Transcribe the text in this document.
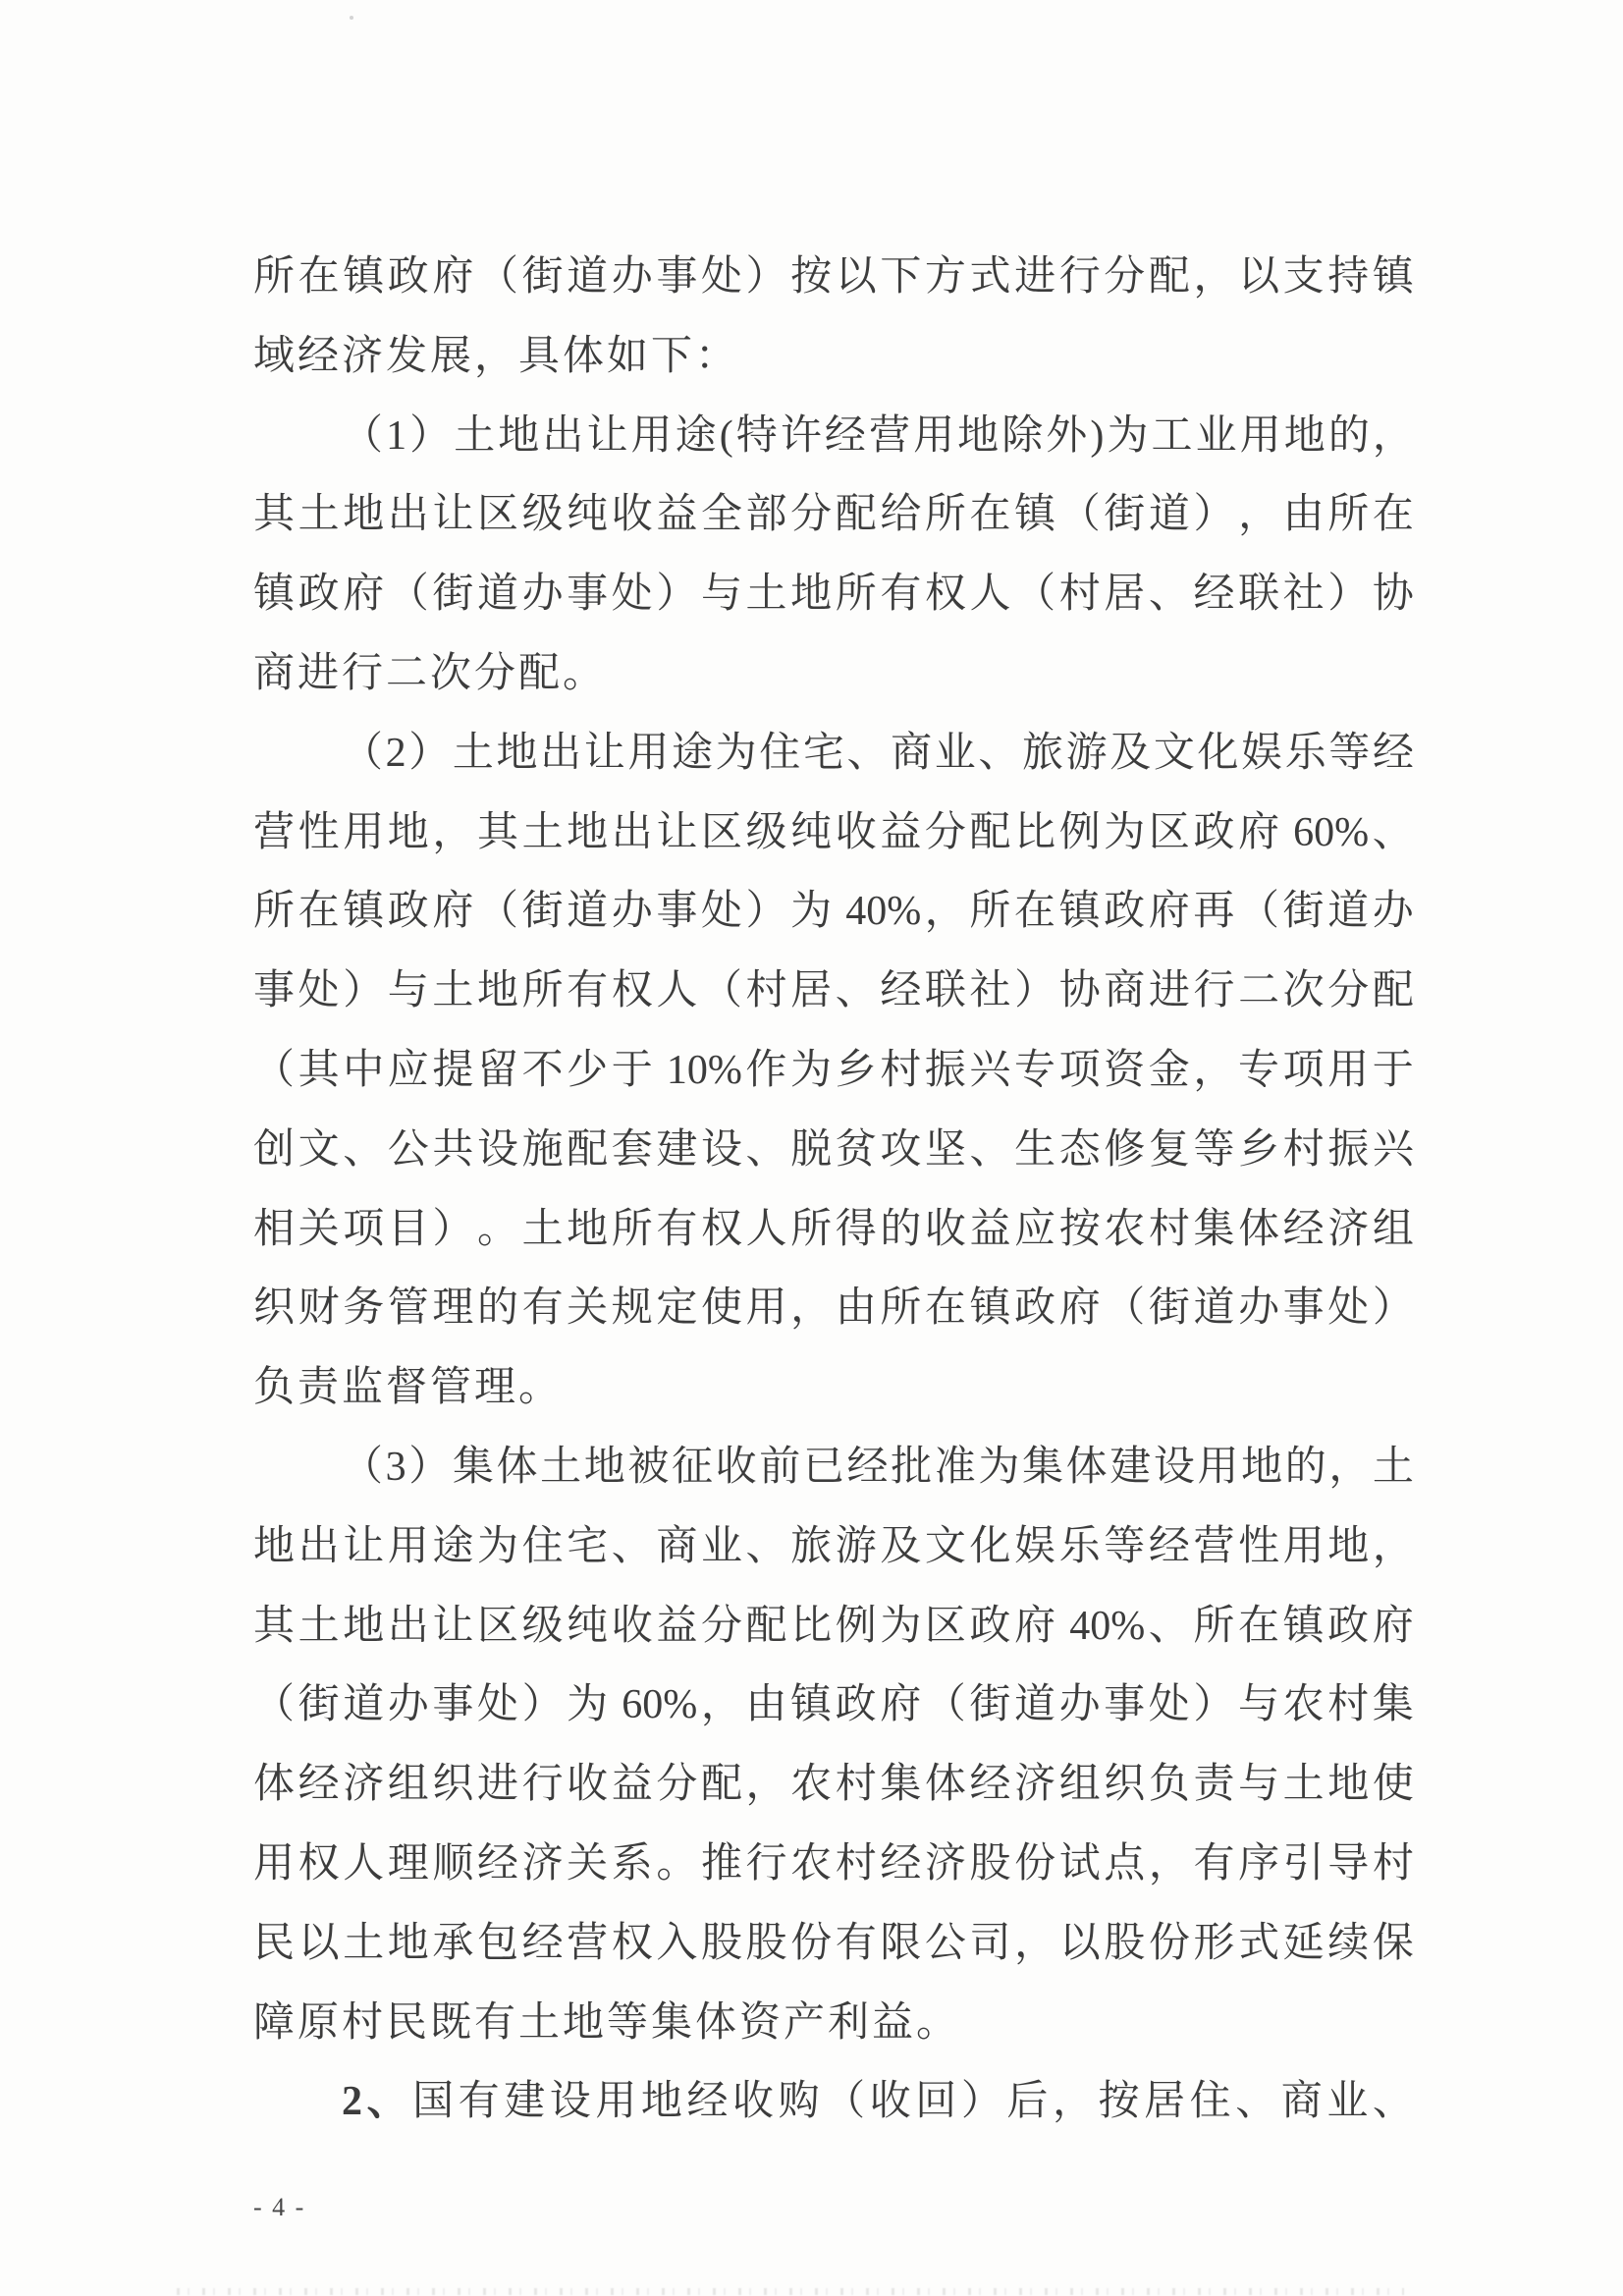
所 在 镇 政 府 （ 街 道 办 事 处 ） 按 以 下 方 式 进 行 分 配 ， 以 支 持 镇
域经济发展，具体如下：
（ 1 ） 土 地 出 让 用 途 ( 特 许 经 营 用 地 除 外 ) 为 工 业 用 地 的 ，
其 土 地 出 让 区 级 纯 收 益 全 部 分 配 给 所 在 镇 （ 街 道 ） ， 由 所 在
镇 政 府 （ 街 道 办 事 处 ） 与 土 地 所 有 权 人 （ 村 居 、 经 联 社 ） 协
商进行二次分配。
（ 2 ） 土 地 出 让 用 途 为 住 宅 、 商 业 、 旅 游 及 文 化 娱 乐 等 经
营 性 用 地 ， 其 土 地 出 让 区 级 纯 收 益 分 配 比 例 为 区 政 府 60% 、
所 在 镇 政 府 （ 街 道 办 事 处 ） 为 40% ， 所 在 镇 政 府 再 （ 街 道 办
事 处 ） 与 土 地 所 有 权 人 （ 村 居 、 经 联 社 ） 协 商 进 行 二 次 分 配
（ 其 中 应 提 留 不 少 于 10% 作 为 乡 村 振 兴 专 项 资 金 ， 专 项 用 于
创 文 、 公 共 设 施 配 套 建 设 、 脱 贫 攻 坚 、 生 态 修 复 等 乡 村 振 兴
相 关 项 目 ） 。 土 地 所 有 权 人 所 得 的 收 益 应 按 农 村 集 体 经 济 组
织 财 务 管 理 的 有 关 规 定 使 用 ， 由 所 在 镇 政 府 （ 街 道 办 事 处 ）
负责监督管理。
（ 3 ） 集 体 土 地 被 征 收 前 已 经 批 准 为 集 体 建 设 用 地 的 ， 土
地 出 让 用 途 为 住 宅 、 商 业 、 旅 游 及 文 化 娱 乐 等 经 营 性 用 地 ，
其 土 地 出 让 区 级 纯 收 益 分 配 比 例 为 区 政 府 40% 、 所 在 镇 政 府
（ 街 道 办 事 处 ） 为 60% ， 由 镇 政 府 （ 街 道 办 事 处 ） 与 农 村 集
体 经 济 组 织 进 行 收 益 分 配 ， 农 村 集 体 经 济 组 织 负 责 与 土 地 使
用 权 人 理 顺 经 济 关 系 。 推 行 农 村 经 济 股 份 试 点 ， 有 序 引 导 村
民 以 土 地 承 包 经 营 权 入 股 股 份 有 限 公 司 ， 以 股 份 形 式 延 续 保
障原村民既有土地等集体资产利益。
2 、 国 有 建 设 用 地 经 收 购 （ 收 回 ） 后 ， 按 居 住 、 商 业 、
- 4 -
